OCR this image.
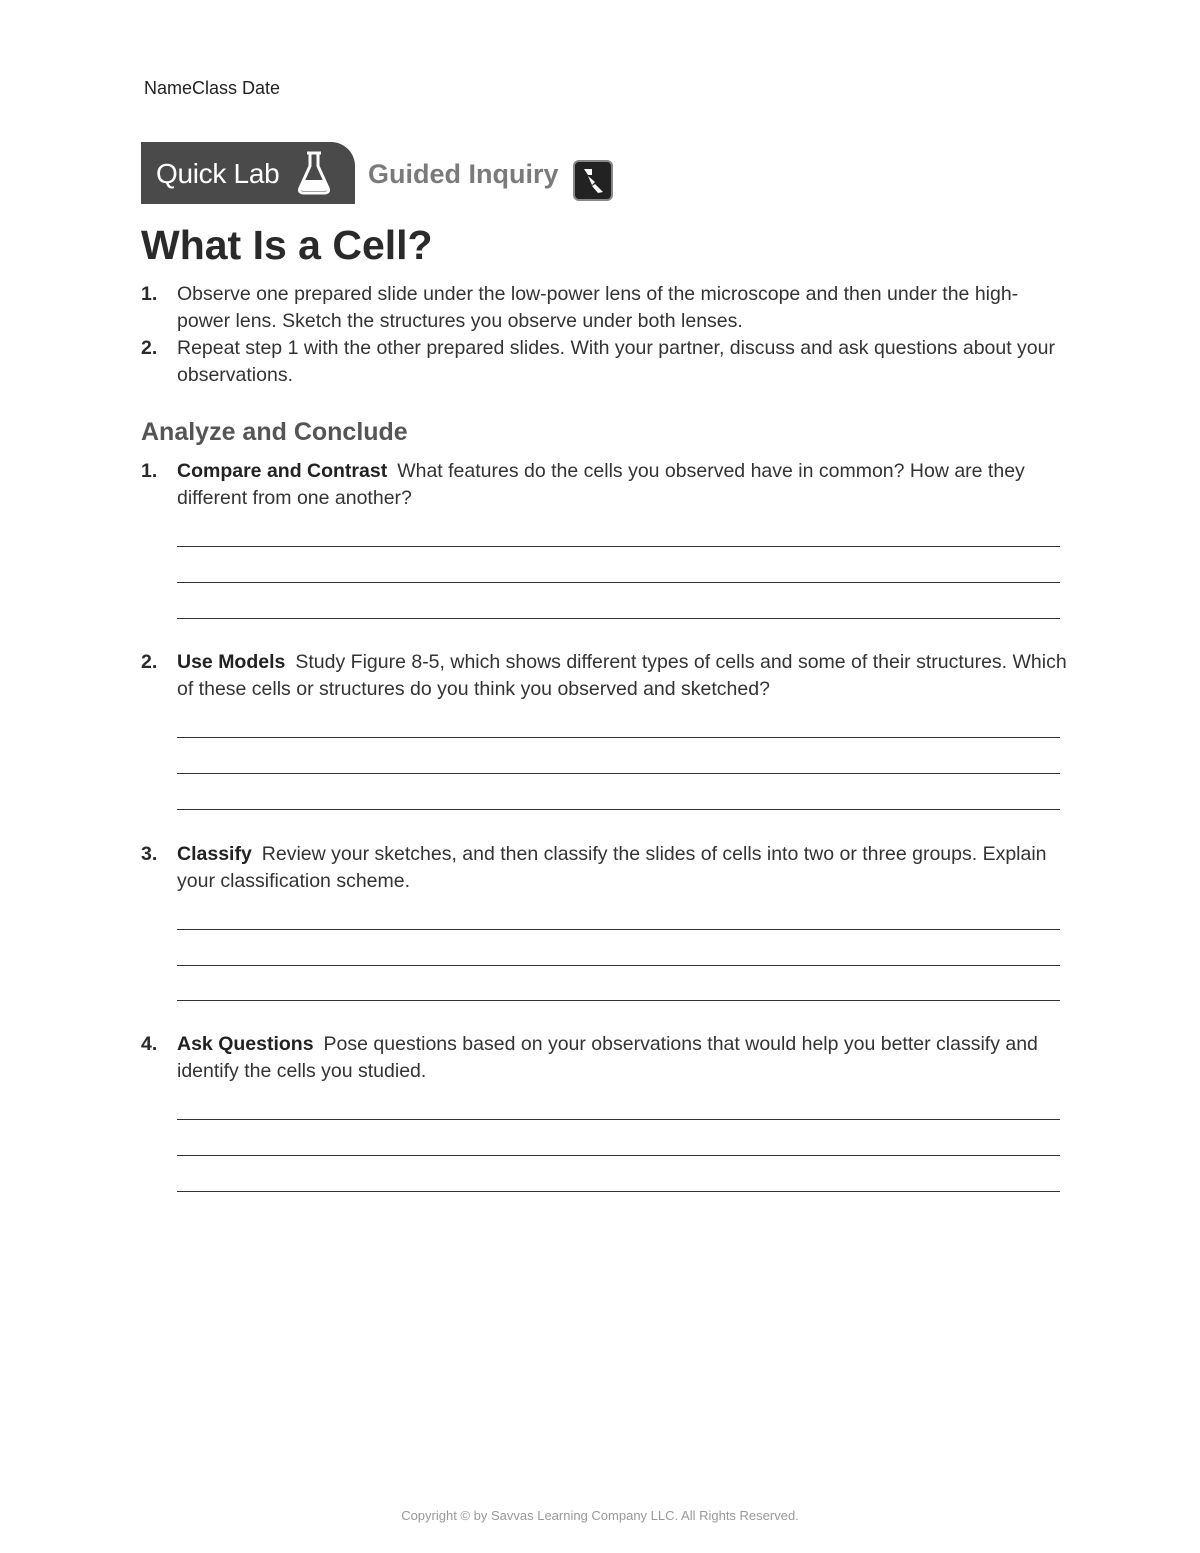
NameClass Date
Quick Lab	Guided Inquiry
What Is a Cell?
1. Observe one prepared slide under the low-power lens of the microscope and then under the high-power lens. Sketch the structures you observe under both lenses.
2. Repeat step 1 with the other prepared slides. With your partner, discuss and ask questions about your observations.
Analyze and Conclude
1. Compare and Contrast What features do the cells you observed have in common? How are they different from one another?
2. Use Models Study Figure 8-5, which shows different types of cells and some of their structures. Which of these cells or structures do you think you observed and sketched?
3. Classify Review your sketches, and then classify the slides of cells into two or three groups. Explain your classification scheme.
4. Ask Questions Pose questions based on your observations that would help you better classify and identify the cells you studied.
Copyright © by Savvas Learning Company LLC. All Rights Reserved.
